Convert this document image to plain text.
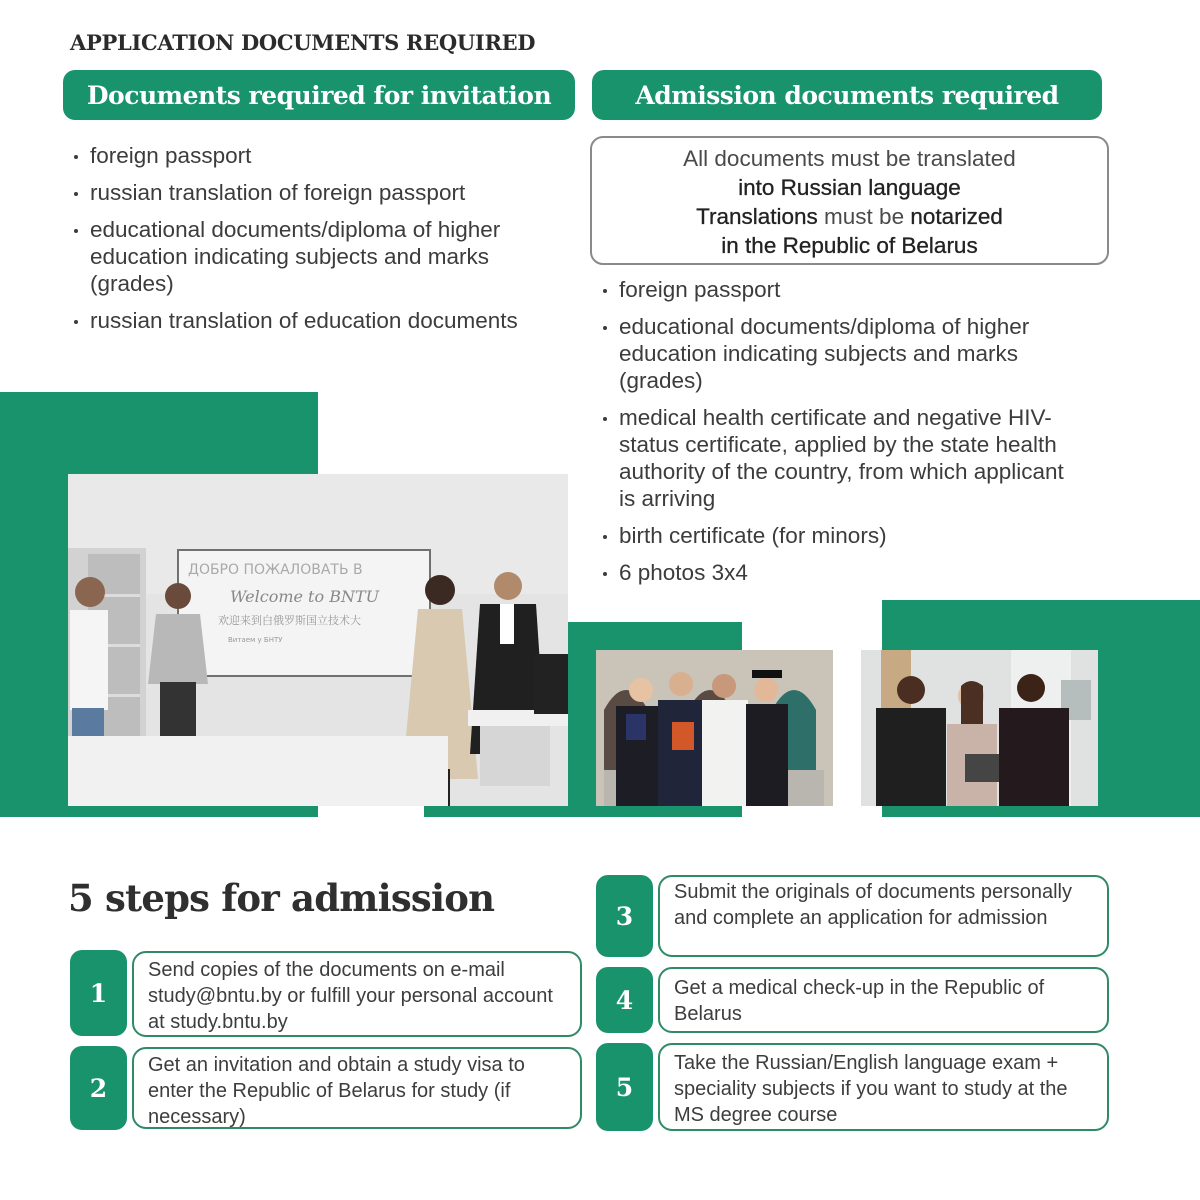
APPLICATION DOCUMENTS REQUIRED
Documents required for invitation	Admission documents required
foreign passport
russian translation of foreign passport
educational documents/diploma of higher education indicating subjects and marks (grades)
russian translation of education documents
All documents must be translated
into Russian language
Translations must be notarized
in the Republic of Belarus
foreign passport
educational documents/diploma of higher education indicating subjects and marks (grades)
medical health certificate and negative HIV-status certificate, applied by the state health authority of the country, from which applicant is arriving
birth certificate (for minors)
6 photos 3x4
ДОБРО ПОЖАЛОВАТЬ В
Welcome to BNTU
欢迎来到白俄罗斯国立技术大
Витаем у БНТУ
5 steps for admission
1
Send copies of the documents on e-mail study@bntu.by or fulfill your personal account at study.bntu.by
2
Get an invitation and obtain a study visa to enter the Republic of Belarus for study (if necessary)
3
Submit the originals of documents personally and complete an application for admission
4	Get a medical check-up in the Republic of Belarus
5
Take the Russian/English language exam + speciality subjects if you want to study at the MS degree course
